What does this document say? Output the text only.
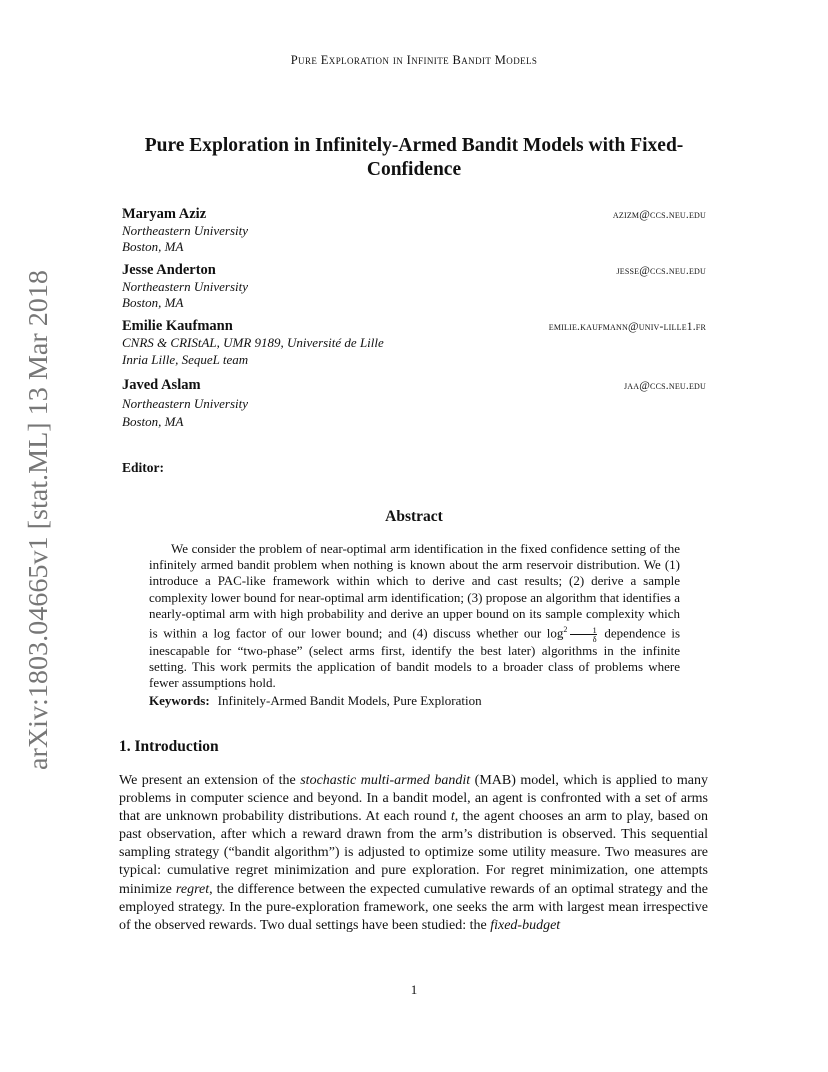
Pure Exploration in Infinite Bandit Models
Pure Exploration in Infinitely-Armed Bandit Models with Fixed-Confidence
Maryam Aziz	azizm@ccs.neu.edu
Northeastern University
Boston, MA
Jesse Anderton	jesse@ccs.neu.edu
Northeastern University
Boston, MA
Emilie Kaufmann	emilie.kaufmann@univ-lille1.fr
CNRS & CRIStAL, UMR 9189, Université de Lille
Inria Lille, SequeL team
Javed Aslam	jaa@ccs.neu.edu
Northeastern University
Boston, MA
Editor:
Abstract
We consider the problem of near-optimal arm identification in the fixed confidence setting of the infinitely armed bandit problem when nothing is known about the arm reservoir distribution. We (1) introduce a PAC-like framework within which to derive and cast results; (2) derive a sample complexity lower bound for near-optimal arm identification; (3) propose an algorithm that identifies a nearly-optimal arm with high probability and derive an upper bound on its sample complexity which is within a log factor of our lower bound; and (4) discuss whether our $\log^2$  $\frac{1}{\delta}$ dependence is inescapable for “two-phase” (select arms first, identify the best later) algorithms in the infinite setting. This work permits the application of bandit models to a broader class of problems where fewer assumptions hold.
Keywords: Infinitely-Armed Bandit Models, Pure Exploration
1. Introduction
We present an extension of the stochastic multi-armed bandit (MAB) model, which is applied to many problems in computer science and beyond. In a bandit model, an agent is confronted with a set of arms that are unknown probability distributions. At each round t, the agent chooses an arm to play, based on past observation, after which a reward drawn from the arm’s distribution is observed. This sequential sampling strategy (“bandit algorithm”) is adjusted to optimize some utility measure. Two measures are typical: cumulative regret minimization and pure exploration. For regret minimization, one attempts minimize regret, the difference between the expected cumulative rewards of an optimal strategy and the employed strategy. In the pure-exploration framework, one seeks the arm with largest mean irrespective of the observed rewards. Two dual settings have been studied: the fixed-budget
1
arXiv:1803.04665v1 [stat.ML] 13 Mar 2018
